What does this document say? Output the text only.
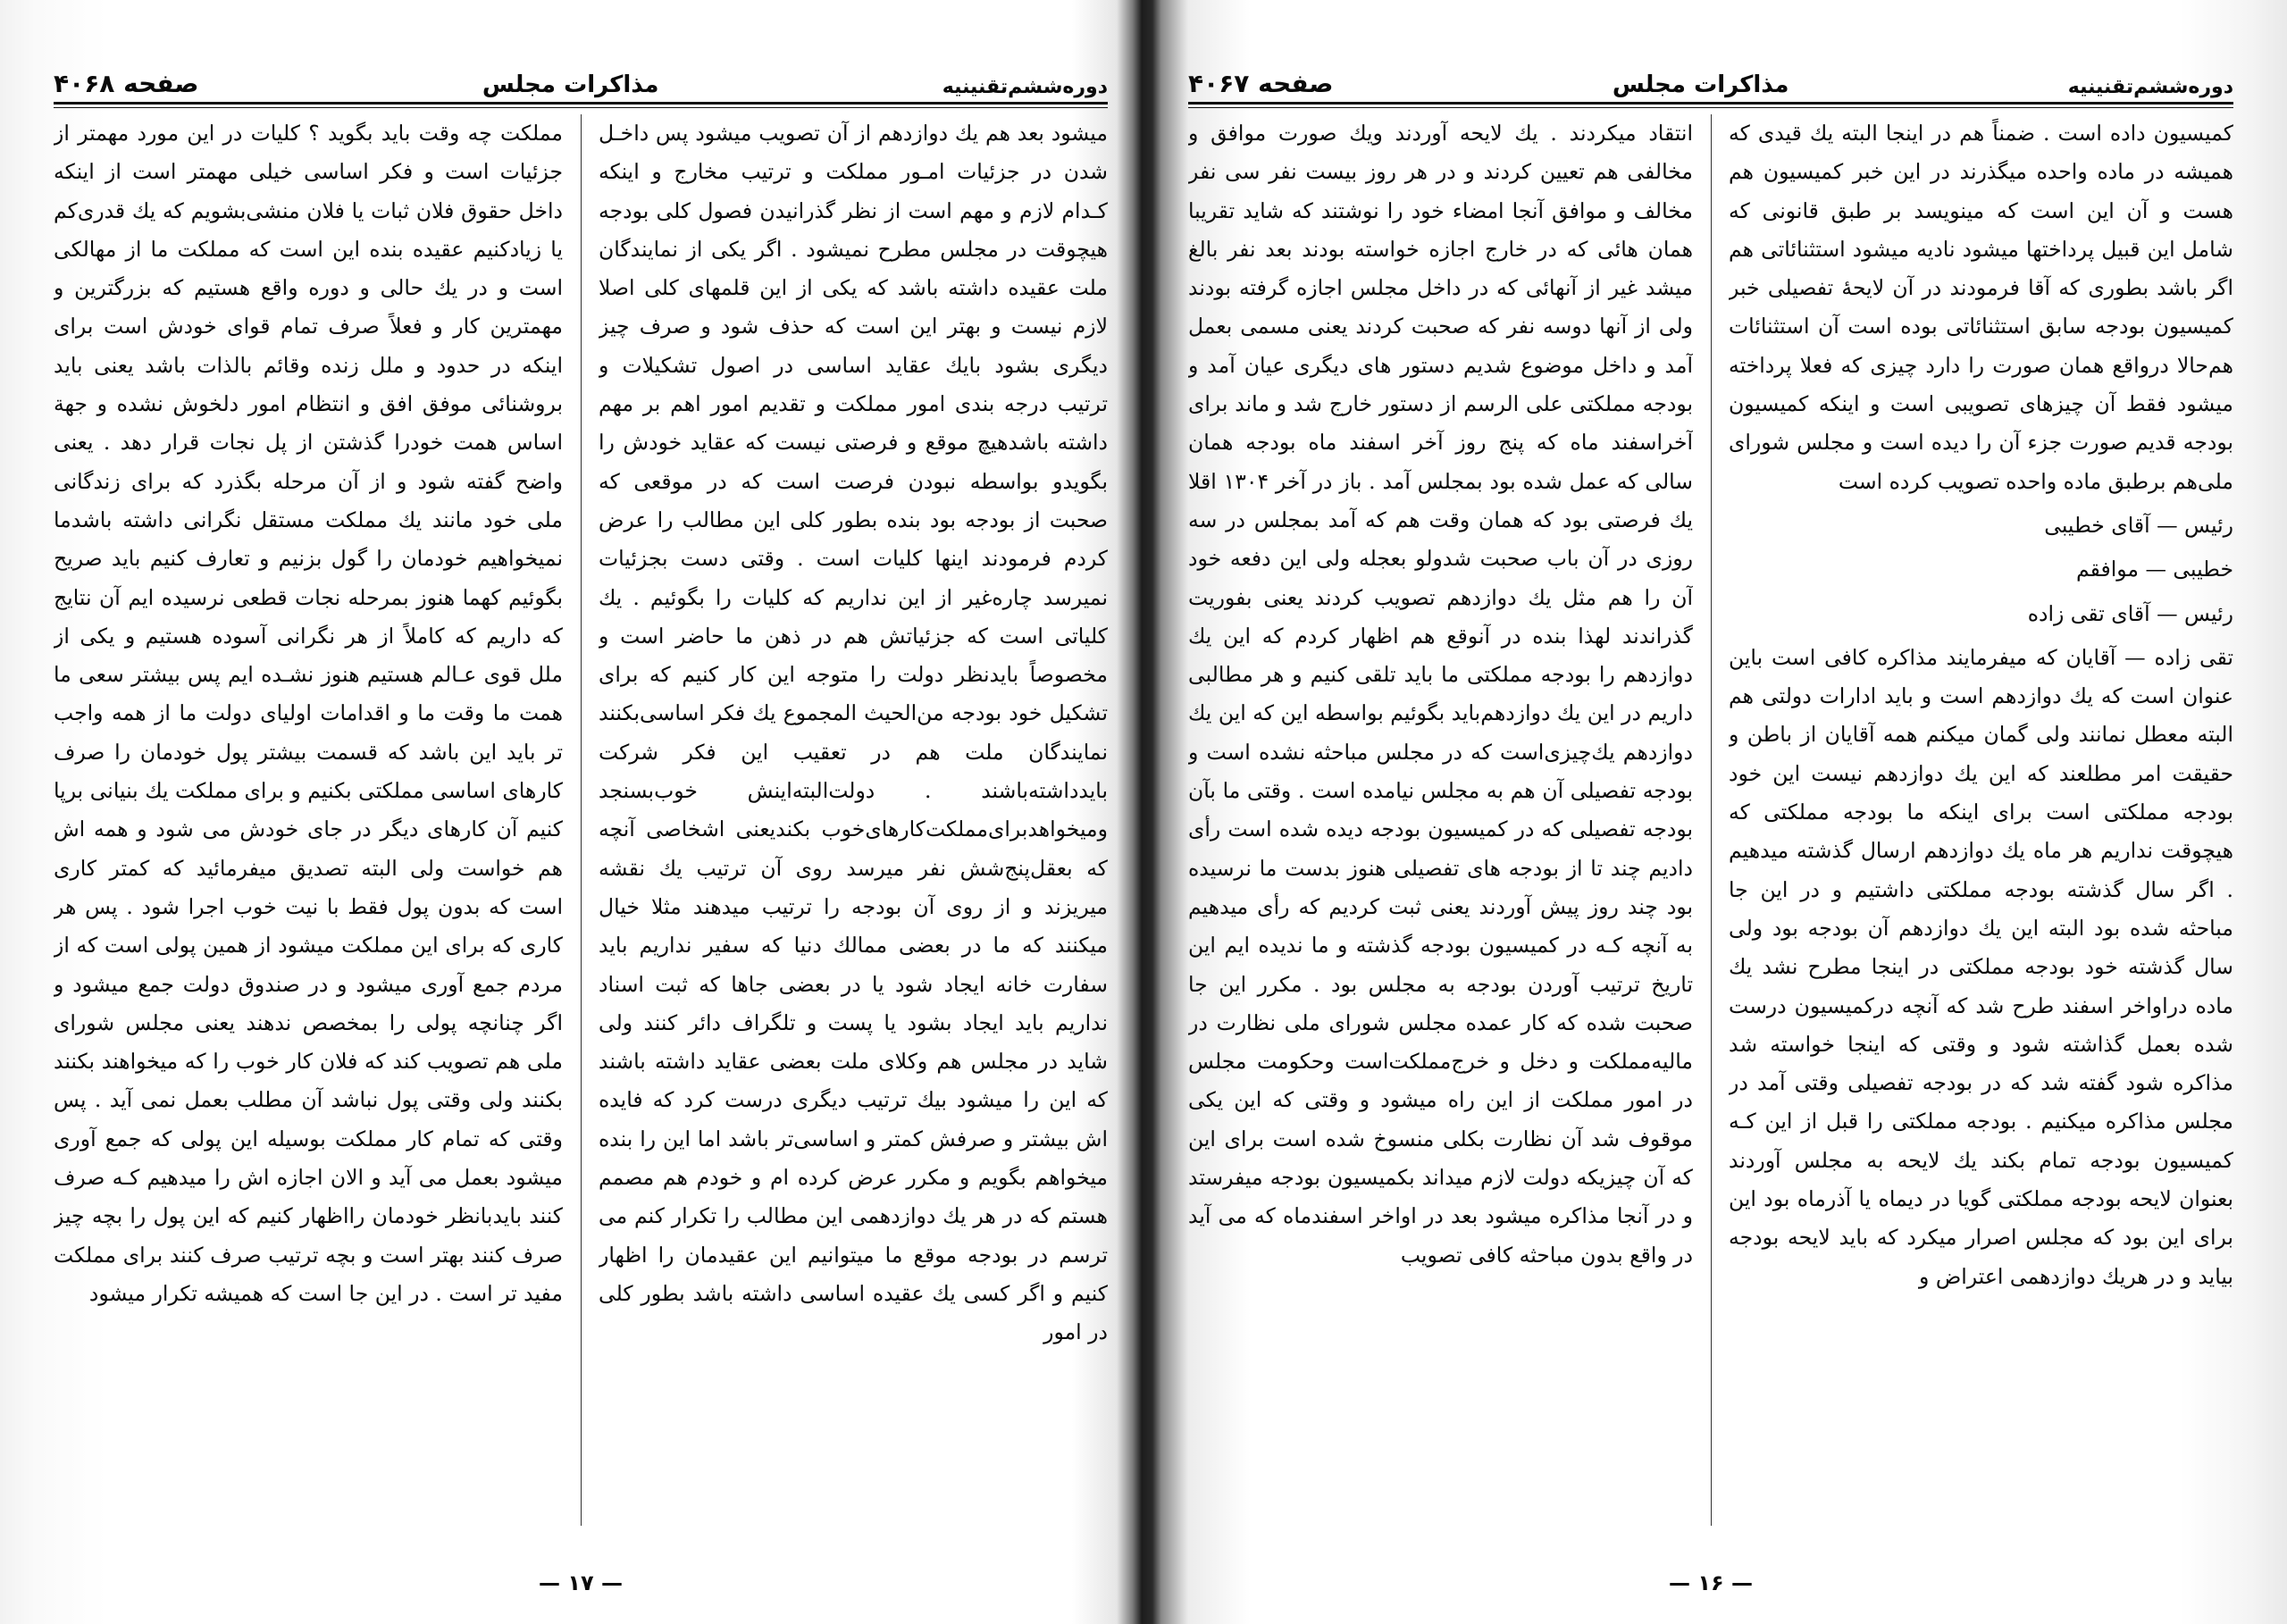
دوره‌ششم‌تقنینیه
مذاکرات مجلس
صفحه ۴۰۶۸

میشود بعد هم یك دوازدهم از آن تصویب میشود پس داخـل شدن در جزئیات امـور مملکت و ترتیب مخارج و اینکه کـدام لازم و مهم است از نظر گذرانیدن فصول کلی بودجه هیچوقت در مجلس مطرح نمیشود . اگر یکی از نمایندگان ملت عقیده داشته باشد که یکی از این قلمهای کلی اصلا لازم نیست و بهتر این است که حذف شود و صرف چیز دیگری بشود بایك عقاید اساسی در اصول تشکیلات و ترتیب درجه بندی امور مملکت و تقدیم امور اهم بر مهم داشته باشدهیچ موقع و فرصتی نیست که عقاید خودش را بگویدو بواسطه نبودن فرصت است که در موقعی که صحبت از بودجه بود بنده بطور کلی این مطالب را عرض کردم فرمودند اینها کلیات است . وقتی دست بجزئیات نمیرسد چاره‌غیر از این نداریم که کلیات را بگوئیم . یك کلیاتی است که جزئیاتش هم در ذهن ما حاضر است و مخصوصاً بایدنظر دولت را متوجه این کار کنیم که برای تشکیل خود بودجه من‌الحیث المجموع یك فکر اساسی‌بکنند نمایندگان ملت هم در تعقیب این فکر شرکت بایدداشته‌باشند . دولت‌البته‌اینش خوب‌بسنجد ومیخواهدبرای‌مملکت‌کارهای‌خوب بکندیعنی اشخاصی آنچه که بعقل‌پنج‌شش نفر میرسد روی آن ترتیب یك نقشه میریزند و از روی آن بودجه را ترتیب میدهند مثلا خیال میکنند که ما در بعضی ممالك دنیا که سفیر نداریم باید سفارت خانه ایجاد شود یا در بعضی جاها که ثبت اسناد نداریم باید ایجاد بشود یا پست و تلگراف دائر کنند ولی شاید در مجلس هم وکلای ملت بعضی عقاید داشته باشند که این را میشود بیك ترتیب دیگری درست کرد که فایده اش بیشتر و صرفش کمتر و اساسی‌تر باشد اما این را بنده میخواهم بگویم و مکرر عرض کرده ام و خودم هم مصمم هستم که در هر یك دوازدهمی این مطالب را تکرار کنم می ترسم در بودجه موقع ما میتوانیم این عقیدمان را اظهار کنیم و اگر کسی یك عقیده اساسی داشته باشد بطور کلی در امور

مملکت چه وقت باید بگوید ؟ کلیات در این مورد مهمتر از جزئیات است و فکر اساسی خیلی مهمتر است از اینکه داخل حقوق فلان ثبات یا فلان منشی‌بشویم که یك قدری‌کم یا زیادکنیم عقیده بنده این است که مملکت ما از مهالکی است و در یك حالی و دوره واقع هستیم که بزرگترین و مهمترین کار و فعلاً صرف تمام قوای خودش است برای اینکه در حدود و ملل زنده وقائم بالذات باشد یعنی باید بروشنائی موفق افق و انتظام امور دلخوش نشده و جهة اساس همت خودرا گذشتن از پل نجات قرار دهد . یعنی واضح گفته شود و از آن مرحله بگذرد که برای زندگانی ملی خود مانند یك مملکت مستقل نگرانی داشته باشدما نمیخواهیم خودمان را گول بزنیم و تعارف کنیم باید صریح بگوئیم کهما هنوز بمرحله نجات قطعی نرسیده ایم آن نتایج که داریم که کاملاً از هر نگرانی آسوده هستیم و یکی از ملل قوی عـالم هستیم هنوز نشـده ایم پس بیشتر سعی ما همت ما وقت ما و اقدامات اولیای دولت ما از همه واجب تر باید این باشد که قسمت بیشتر پول خودمان را صرف کارهای اساسی مملکتی بکنیم و برای مملکت یك بنیانی برپا کنیم آن کارهای دیگر در جای خودش می شود و همه اش هم خواست ولی البته تصدیق میفرمائید که کمتر کاری است که بدون پول فقط با نیت خوب اجرا شود . پس هر کاری که برای این مملکت میشود از همین پولی است که از مردم جمع آوری میشود و در صندوق دولت جمع میشود و اگر چنانچه پولی را بمخصص ندهند یعنی مجلس شورای ملی هم تصویب کند که فلان کار خوب را که میخواهند بکنند بکنند ولی وقتی پول نباشد آن مطلب بعمل نمی آید . پس وقتی که تمام کار مملکت بوسیله این پولی که جمع آوری میشود بعمل می آید و الان اجازه اش را میدهیم کـه صرف کنند بایدبانظر خودمان رااظهار کنیم که این پول را بچه چیز صرف کنند بهتر است و بچه ترتیب صرف کنند برای مملکت مفید تر است . در این جا است که همیشه تکرار میشود

— ۱۷ —
دوره‌ششم‌تقنینیه
مذاکرات مجلس
صفحه ۴۰۶۷

کمیسیون داده است . ضمناً هم در اینجا البته یك قیدی که همیشه در ماده واحده میگذرند در این خبر کمیسیون هم هست و آن این است که مینویسد بر طبق قانونی که شامل این قبیل پرداختها میشود نادیه میشود استثنائاتی هم اگر باشد بطوری که آقا فرمودند در آن لایحهٔ تفصیلی خبر کمیسیون بودجه سابق استثنائاتی بوده است آن استثنائات هم‌حالا درواقع همان صورت را دارد چیزی که فعلا پرداخته میشود فقط آن چیزهای تصویبی است و اینکه کمیسیون بودجه قدیم صورت جزء آن را دیده است و مجلس شورای ملی‌هم برطبق ماده واحده تصویب کرده است

رئیس — آقای خطیبی

خطیبی — موافقم

رئیس — آقای تقی زاده

تقی زاده — آقایان که میفرمایند مذاکره کافی است باین عنوان است که یك دوازدهم است و باید ادارات دولتی هم البته معطل نمانند ولی گمان میکنم همه آقایان از باطن و حقیقت امر مطلعند که این یك دوازدهم نیست این خود بودجه مملکتی است برای اینکه ما بودجه مملکتی که هیچوقت نداریم هر ماه یك دوازدهم ارسال گذشته میدهیم . اگر سال گذشته بودجه مملکتی داشتیم و در این جا مباحثه شده بود البته این یك دوازدهم آن بودجه بود ولی سال گذشته خود بودجه مملکتی در اینجا مطرح نشد یك ماده دراواخر اسفند طرح شد که آنچه درکمیسیون درست شده بعمل گذاشته شود و وقتی که اینجا خواسته شد مذاکره شود گفته شد که در بودجه تفصیلی وقتی آمد در مجلس مذاکره میکنیم . بودجه مملکتی را قبل از این کـه کمیسیون بودجه تمام بکند یك لایحه به مجلس آوردند بعنوان لایحه بودجه مملکتی گویا در دیماه یا آذرماه بود این برای این بود که مجلس اصرار میکرد که باید لایحه بودجه بیاید و در هریك دوازدهمی اعتراض و

انتقاد میکردند . یك لایحه آوردند ویك صورت موافق و مخالفی هم تعیین کردند و در هر روز بیست نفر سی نفر مخالف و موافق آنجا امضاء خود را نوشتند که شاید تقریبا همان هائی که در خارج اجازه خواسته بودند بعد نفر بالغ میشد غیر از آنهائی که در داخل مجلس اجازه گرفته بودند ولی از آنها دوسه نفر که صحبت کردند یعنی مسمی بعمل آمد و داخل موضوع شدیم دستور های دیگری عیان آمد و بودجه مملکتی علی الرسم از دستور خارج شد و ماند برای آخراسفند ماه که پنج روز آخر اسفند ماه بودجه همان سالی که عمل شده بود بمجلس آمد . باز در آخر ۱۳۰۴ اقلا یك فرصتی بود که همان وقت هم که آمد بمجلس در سه روزی در آن باب صحبت شدولو بعجله ولی این دفعه خود آن را هم مثل یك دوازدهم تصویب کردند یعنی بفوریت گذراندند لهذا بنده در آنوقع هم اظهار کردم که این یك دوازدهم را بودجه مملکتی ما باید تلقی کنیم و هر مطالبی داریم در این یك دوازدهم‌باید بگوئیم بواسطه این که این یك دوازدهم یك‌چیزی‌است که در مجلس مباحثه نشده است و بودجه تفصیلی آن هم به مجلس نیامده است . وقتی ما بآن بودجه تفصیلی که در کمیسیون بودجه دیده شده است رأی دادیم چند تا از بودجه های تفصیلی هنوز بدست ما نرسیده بود چند روز پیش آوردند یعنی ثبت کردیم که رأی میدهیم به آنچه کـه در کمیسیون بودجه گذشته و ما ندیده ایم این تاریخ ترتیب آوردن بودجه به مجلس بود . مکرر این جا صحبت شده که کار عمده مجلس شورای ملی نظارت در مالیه‌مملکت و دخل و خرج‌مملکت‌است وحکومت مجلس در امور مملکت از این راه میشود و وقتی که این یکی موقوف شد آن نظارت بکلی منسوخ شده است برای این که آن چیزیکه دولت لازم میداند بکمیسیون بودجه میفرستد و در آنجا مذاکره میشود بعد در اواخر اسفندماه که می آید در واقع بدون مباحثه کافی تصویب

— ۱۶ —
